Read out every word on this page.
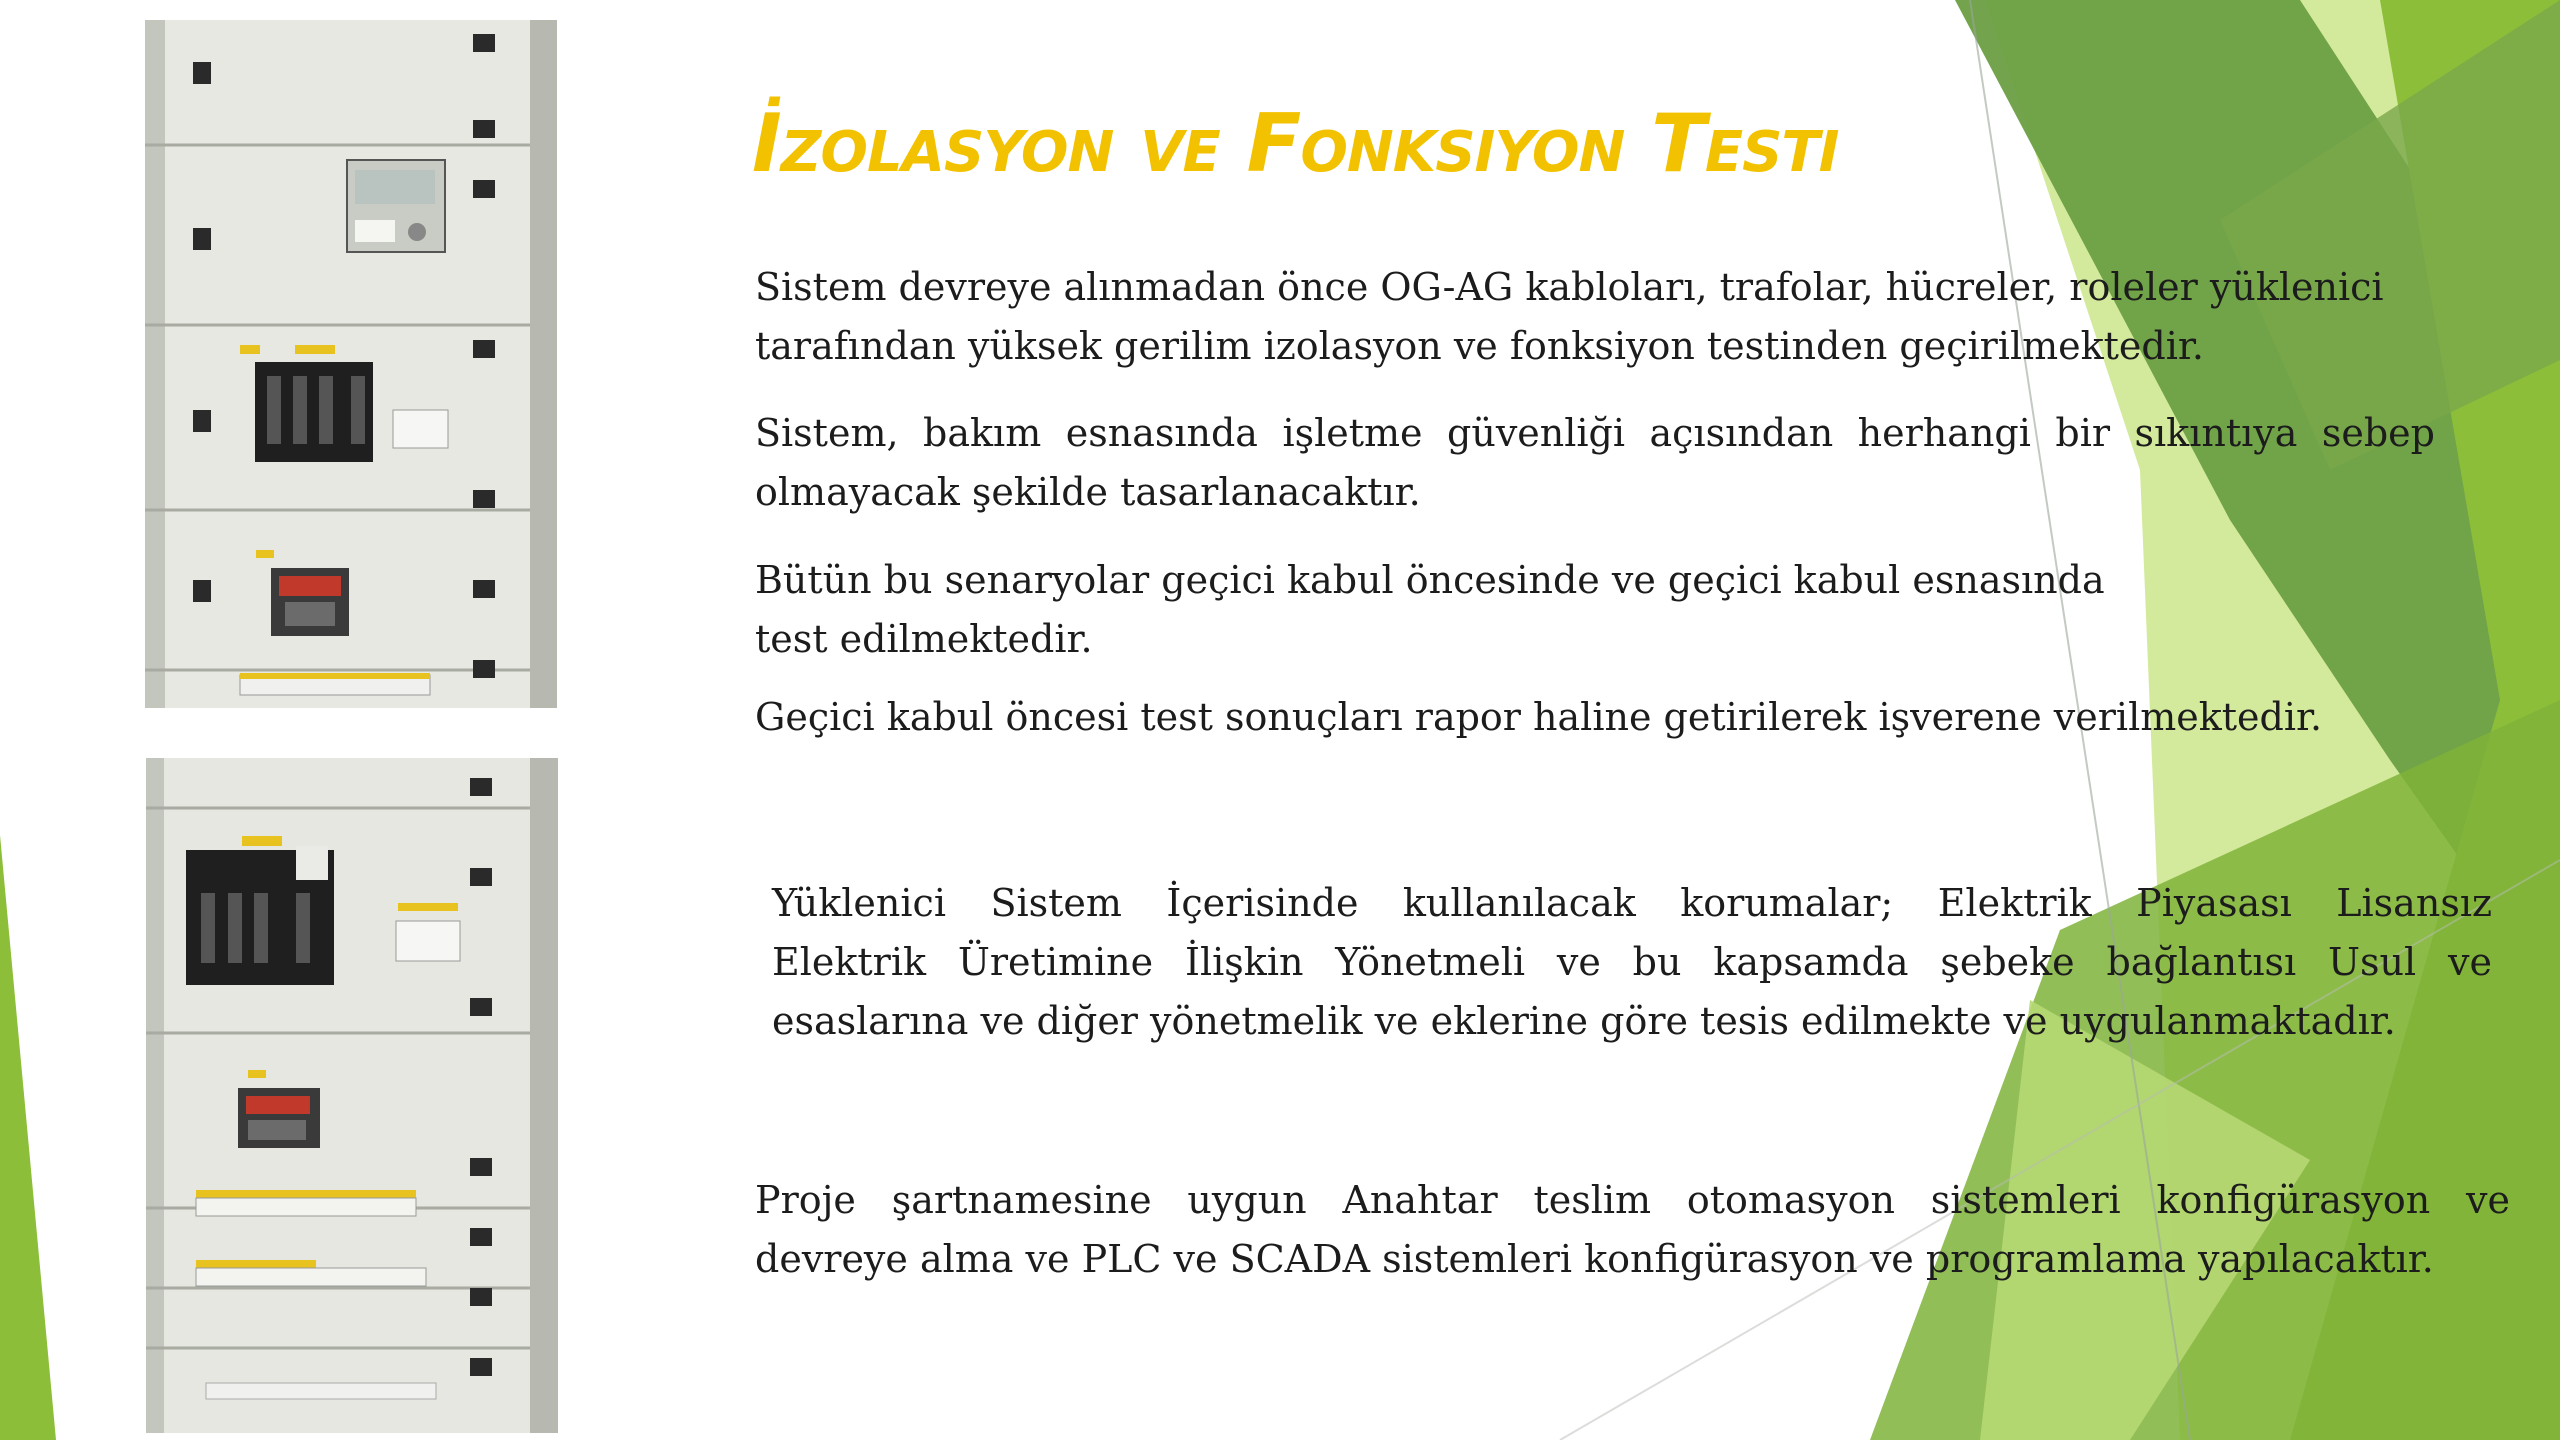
İZOLASYON VE FONKSIYON TESTI

Sistem devreye alınmadan önce OG-AG kabloları, trafolar, hücreler, roleler yüklenici
tarafından yüksek gerilim izolasyon ve fonksiyon testinden geçirilmektedir.

Sistem, bakım esnasında işletme güvenliği açısından herhangi bir sıkıntıya sebep
olmayacak şekilde tasarlanacaktır.

Bütün bu senaryolar geçici kabul öncesinde ve geçici kabul esnasında
test edilmektedir.

Geçici kabul öncesi test sonuçları rapor haline getirilerek işverene verilmektedir.

Yüklenici Sistem İçerisinde kullanılacak korumalar; Elektrik Piyasası Lisansız
Elektrik Üretimine İlişkin Yönetmeli ve bu kapsamda şebeke bağlantısı Usul ve
esaslarına ve diğer yönetmelik ve eklerine göre tesis edilmekte ve uygulanmaktadır.

Proje şartnamesine uygun Anahtar teslim otomasyon sistemleri konfigürasyon ve
devreye alma ve PLC ve SCADA sistemleri konfigürasyon ve programlama yapılacaktır.
